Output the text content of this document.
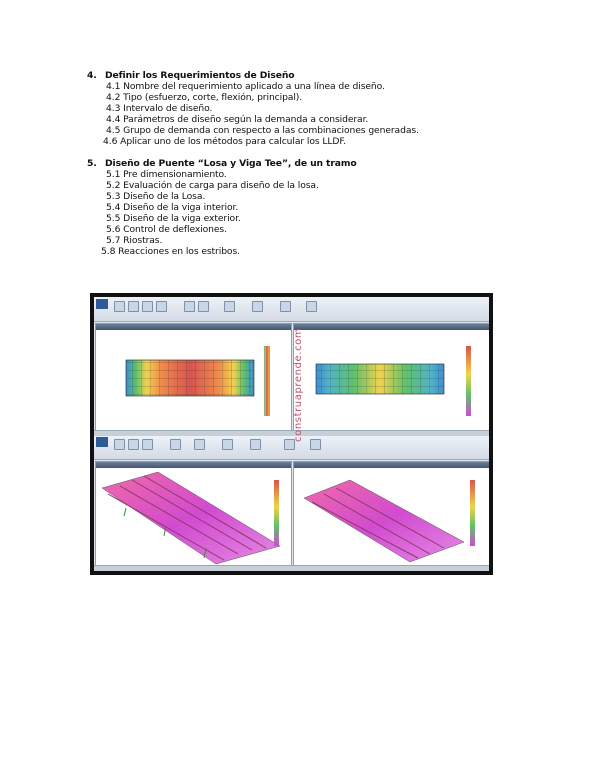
4. Definir los Requerimientos de Diseño
4.1 Nombre del requerimiento aplicado a una línea de diseño.
4.2 Tipo (esfuerzo, corte, flexión, principal).
4.3 Intervalo de diseño.
4.4 Parámetros de diseño según la demanda a considerar.
4.5 Grupo de demanda con respecto a las combinaciones generadas.
4.6 Aplicar uno de los métodos para calcular los LLDF.
5. Diseño de Puente “Losa y Viga Tee”, de un tramo
5.1 Pre dimensionamiento.
5.2 Evaluación de carga para diseño de la losa.
5.3 Diseño de la Losa.
5.4 Diseño de la viga interior.
5.5 Diseño de la viga exterior.
5.6 Control de deflexiones.
5.7 Riostras.
5.8 Reacciones en los estribos.
construaprende.com
